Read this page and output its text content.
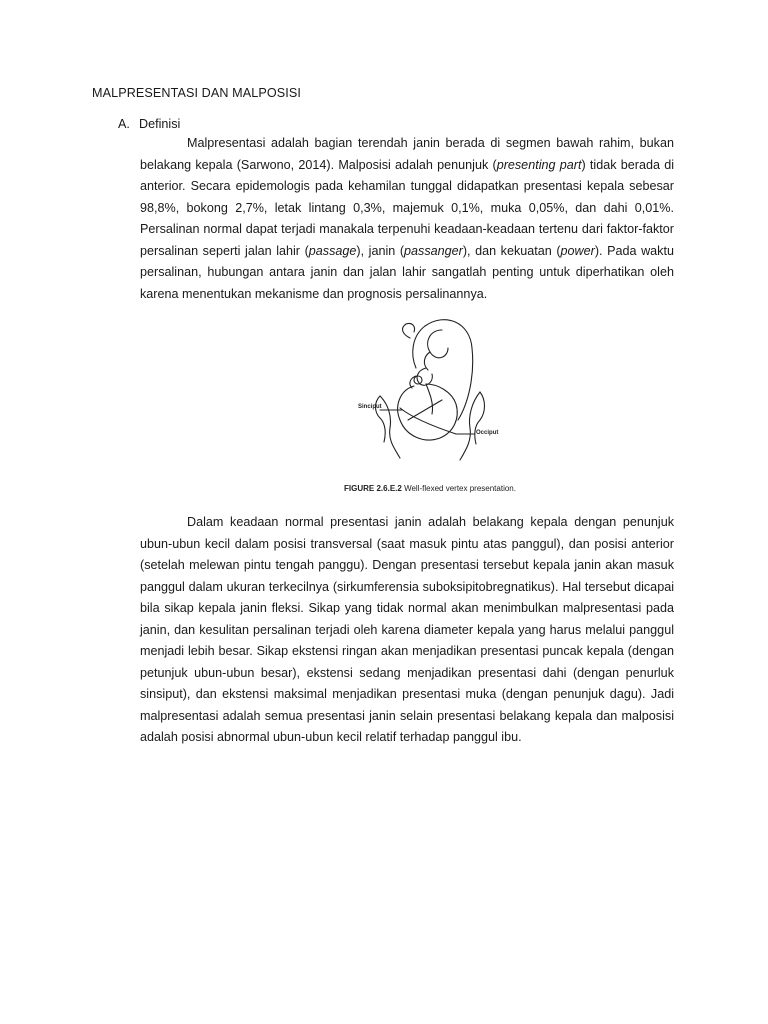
MALPRESENTASI DAN MALPOSISI
A. Definisi

Malpresentasi adalah bagian terendah janin berada di segmen bawah rahim, bukan belakang kepala (Sarwono, 2014). Malposisi adalah penunjuk (presenting part) tidak berada di anterior. Secara epidemologis pada kehamilan tunggal didapatkan presentasi kepala sebesar 98,8%, bokong 2,7%, letak lintang 0,3%, majemuk 0,1%, muka 0,05%, dan dahi 0,01%. Persalinan normal dapat terjadi manakala terpenuhi keadaan-keadaan tertenu dari faktor-faktor persalinan seperti jalan lahir (passage), janin (passanger), dan kekuatan (power). Pada waktu persalinan, hubungan antara janin dan jalan lahir sangatlah penting untuk diperhatikan oleh karena menentukan mekanisme dan prognosis persalinannya.

Sinciput
Occiput
FIGURE 2.6.E.2 Well-flexed vertex presentation.

Dalam keadaan normal presentasi janin adalah belakang kepala dengan penunjuk ubun-ubun kecil dalam posisi transversal (saat masuk pintu atas panggul), dan posisi anterior (setelah melewan pintu tengah panggu). Dengan presentasi tersebut kepala janin akan masuk panggul dalam ukuran terkecilnya (sirkumferensia suboksipitobregnatikus). Hal tersebut dicapai bila sikap kepala janin fleksi. Sikap yang tidak normal akan menimbulkan malpresentasi pada janin, dan kesulitan persalinan terjadi oleh karena diameter kepala yang harus melalui panggul menjadi lebih besar. Sikap ekstensi ringan akan menjadikan presentasi puncak kepala (dengan petunjuk ubun-ubun besar), ekstensi sedang menjadikan presentasi dahi (dengan penurluk sinsiput), dan ekstensi maksimal menjadikan presentasi muka (dengan penunjuk dagu). Jadi malpresentasi adalah semua presentasi janin selain presentasi belakang kepala dan malposisi adalah posisi abnormal ubun-ubun kecil relatif terhadap panggul ibu.
